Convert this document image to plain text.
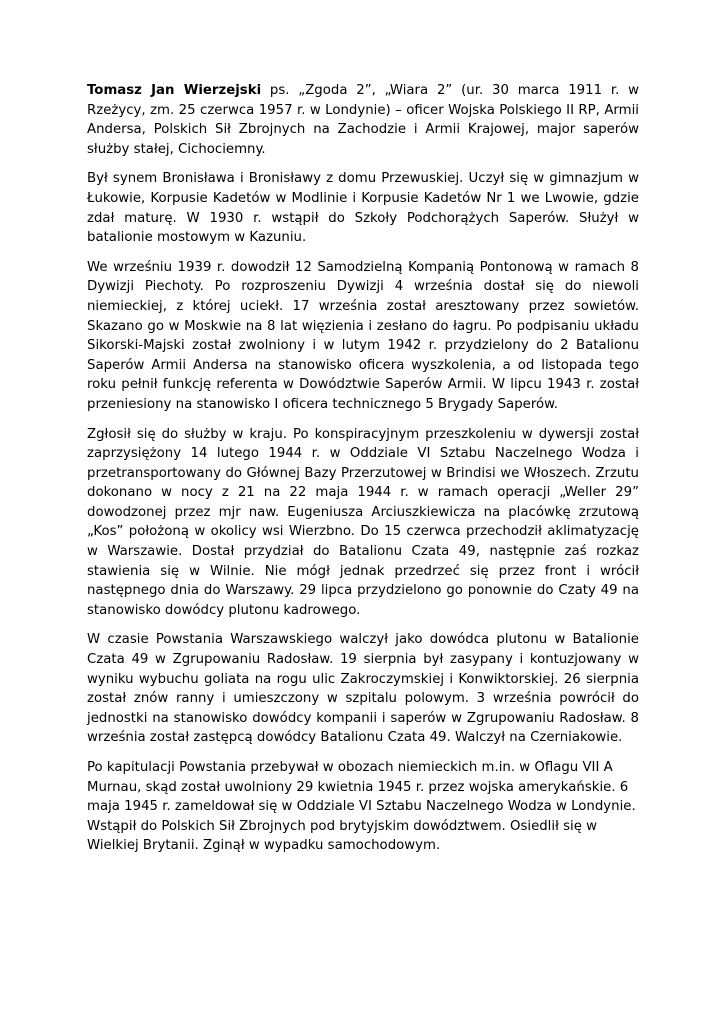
Tomasz Jan Wierzejski ps. „Zgoda 2”, „Wiara 2” (ur. 30 marca 1911 r. w Rzeżycy, zm. 25 czerwca 1957 r. w Londynie) – oficer Wojska Polskiego II RP, Armii Andersa, Polskich Sił Zbrojnych na Zachodzie i Armii Krajowej, major saperów służby stałej, Cichociemny.

Był synem Bronisława i Bronisławy z domu Przewuskiej. Uczył się w gimnazjum w Łukowie, Korpusie Kadetów w Modlinie i Korpusie Kadetów Nr 1 we Lwowie, gdzie zdał maturę. W 1930 r. wstąpił do Szkoły Podchorążych Saperów. Służył w batalionie mostowym w Kazuniu.

We wrześniu 1939 r. dowodził 12 Samodzielną Kompanią Pontonową w ramach 8 Dywizji Piechoty. Po rozproszeniu Dywizji 4 września dostał się do niewoli niemieckiej, z której uciekł. 17 września został aresztowany przez sowietów. Skazano go w Moskwie na 8 lat więzienia i zesłano do łagru. Po podpisaniu układu Sikorski-Majski został zwolniony i w lutym 1942 r. przydzielony do 2 Batalionu Saperów Armii Andersa na stanowisko oficera wyszkolenia, a od listopada tego roku pełnił funkcję referenta w Dowództwie Saperów Armii. W lipcu 1943 r. został przeniesiony na stanowisko I oficera technicznego 5 Brygady Saperów.

Zgłosił się do służby w kraju. Po konspiracyjnym przeszkoleniu w dywersji został zaprzysiężony 14 lutego 1944 r. w Oddziale VI Sztabu Naczelnego Wodza i przetransportowany do Głównej Bazy Przerzutowej w Brindisi we Włoszech. Zrzutu dokonano w nocy z 21 na 22 maja 1944 r. w ramach operacji „Weller 29” dowodzonej przez mjr naw. Eugeniusza Arciuszkiewicza na placówkę zrzutową „Kos” położoną w okolicy wsi Wierzbno. Do 15 czerwca przechodził aklimatyzację w Warszawie. Dostał przydział do Batalionu Czata 49, następnie zaś rozkaz stawienia się w Wilnie. Nie mógł jednak przedrzeć się przez front i wrócił następnego dnia do Warszawy. 29 lipca przydzielono go ponownie do Czaty 49 na stanowisko dowódcy plutonu kadrowego.

W czasie Powstania Warszawskiego walczył jako dowódca plutonu w Batalionie Czata 49 w Zgrupowaniu Radosław. 19 sierpnia był zasypany i kontuzjowany w wyniku wybuchu goliata na rogu ulic Zakroczymskiej i Konwiktorskiej. 26 sierpnia został znów ranny i umieszczony w szpitalu polowym. 3 września powrócił do jednostki na stanowisko dowódcy kompanii i saperów w Zgrupowaniu Radosław. 8 września został zastępcą dowódcy Batalionu Czata 49. Walczył na Czerniakowie.

Po kapitulacji Powstania przebywał w obozach niemieckich m.in. w Oflagu VII A Murnau, skąd został uwolniony 29 kwietnia 1945 r. przez wojska amerykańskie. 6 maja 1945 r. zameldował się w Oddziale VI Sztabu Naczelnego Wodza w Londynie. Wstąpił do Polskich Sił Zbrojnych pod brytyjskim dowództwem. Osiedlił się w Wielkiej Brytanii. Zginął w wypadku samochodowym.
